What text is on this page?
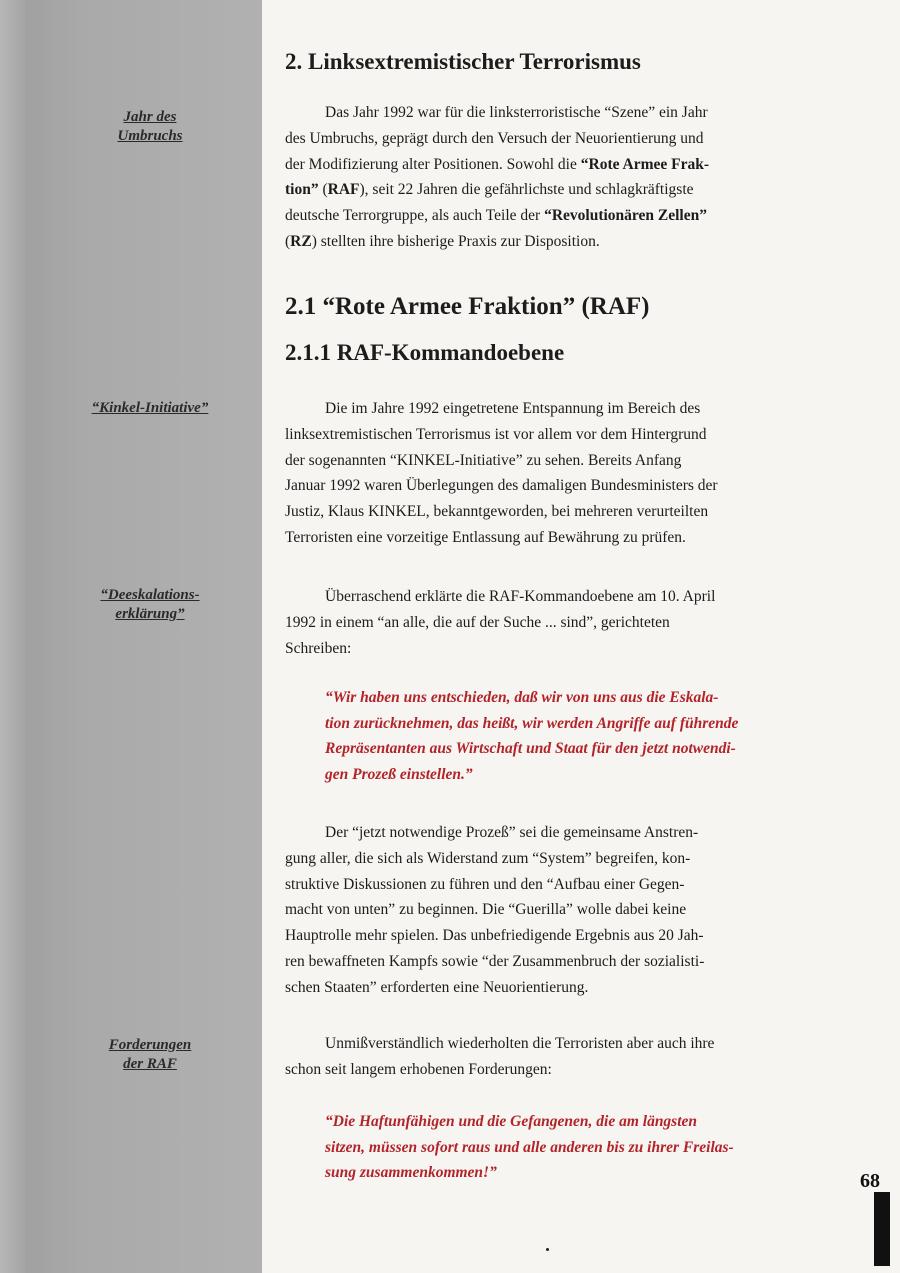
Jahr des
Umbruchs
“Kinkel-Initiative”
“Deeskalations-
erklärung”
Forderungen
der RAF
2. Linksextremistischer Terrorismus
Das Jahr 1992 war für die linksterroristische “Szene” ein Jahr
des Umbruchs, geprägt durch den Versuch der Neuorientierung und
der Modifizierung alter Positionen. Sowohl die “Rote Armee Frak-
tion” (RAF), seit 22 Jahren die gefährlichste und schlagkräftigste
deutsche Terrorgruppe, als auch Teile der “Revolutionären Zellen”
(RZ) stellten ihre bisherige Praxis zur Disposition.
2.1 “Rote Armee Fraktion” (RAF)
2.1.1 RAF-Kommandoebene
Die im Jahre 1992 eingetretene Entspannung im Bereich des
linksextremistischen Terrorismus ist vor allem vor dem Hintergrund
der sogenannten “KINKEL-Initiative” zu sehen. Bereits Anfang
Januar 1992 waren Überlegungen des damaligen Bundesministers der
Justiz, Klaus KINKEL, bekanntgeworden, bei mehreren verurteilten
Terroristen eine vorzeitige Entlassung auf Bewährung zu prüfen.
Überraschend erklärte die RAF-Kommandoebene am 10. April
1992 in einem “an alle, die auf der Suche ... sind”, gerichteten
Schreiben:
“Wir haben uns entschieden, daß wir von uns aus die Eskala-
tion zurücknehmen, das heißt, wir werden Angriffe auf führende
Repräsentanten aus Wirtschaft und Staat für den jetzt notwendi-
gen Prozeß einstellen.”
Der “jetzt notwendige Prozeß” sei die gemeinsame Anstren-
gung aller, die sich als Widerstand zum “System” begreifen, kon-
struktive Diskussionen zu führen und den “Aufbau einer Gegen-
macht von unten” zu beginnen. Die “Guerilla” wolle dabei keine
Hauptrolle mehr spielen. Das unbefriedigende Ergebnis aus 20 Jah-
ren bewaffneten Kampfs sowie “der Zusammenbruch der sozialisti-
schen Staaten” erforderten eine Neuorientierung.
Unmißverständlich wiederholten die Terroristen aber auch ihre
schon seit langem erhobenen Forderungen:
“Die Haftunfähigen und die Gefangenen, die am längsten
sitzen, müssen sofort raus und alle anderen bis zu ihrer Freilas-
sung zusammenkommen!”	68
